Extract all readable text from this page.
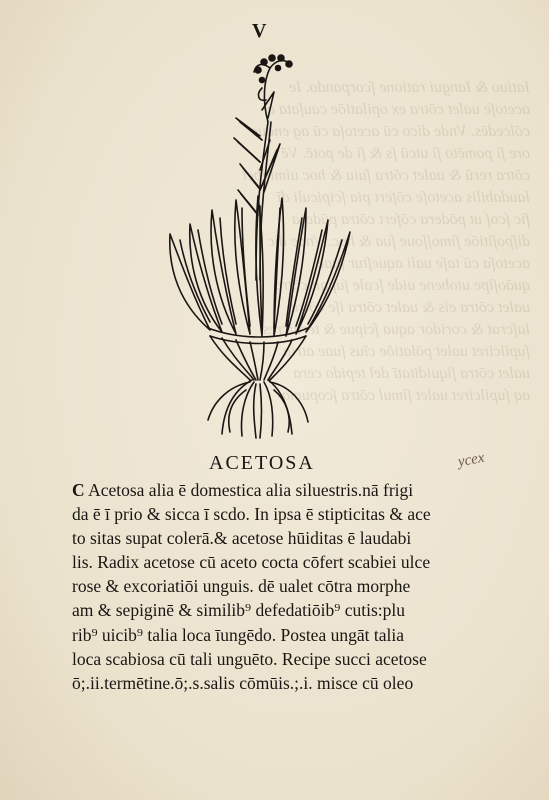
Iatiuo & Iangui ratione ſcorpando. Ie
acetoſe ualet cōtra ex opilatiōe cauſata a
cōlcedēs. Vnde dico cū acetoſa cū ag enduc
ore ſi pomēto ſi utcū ſs & ſi de potē. Vē
cōtra rerū & ualet cōtra ſuiu & hoc uiml ibet
laudabilis acetoſe cōfert pia ſcipiculi dī
fic ſcoſ ut pōdera cōfert cōtra pūdera
diſpoſitiōe ſimoſſoue ſua & hoc. Vnde dic
acetoſa cū taſe uali aqueſtur ſuae
quāoſipe utobene uide ſcale ſupgit cōtra
ualet cōtra eis & ualet cōtra iſe cōtra
laſcrat & coridor aqua ſcipue & teruicres
ſupilciret ualet pōlatiōe cīus ſuae atria
ualet cōtra ſiquiditatī del tepido cera
aq ſupilciret ualet ſimul cōtra ſcopuma

V
ACETOSA	ycex
C Acetosa alia ē domestica alia siluestris.nā frigi
da ē ī prio & sicca ī scdo. In ipsa ē stipticitas & ace
to sitas supat colerā.& acetose hūiditas ē laudabi
lis. Radix acetose cū aceto cocta cōfert scabiei ulce
rose & excoriatiōi unguis. dē ualet cōtra morphe
am & sepiginē & similib⁹ defedatiōib⁹ cutis:plu
rib⁹ uicib⁹ talia loca īungēdo. Postea ungāt talia
loca scabiosa cū tali unguēto. Recipe succi acetose
ō;.ii.termētine.ō;.s.salis cōmūis.;.i. misce cū oleo
